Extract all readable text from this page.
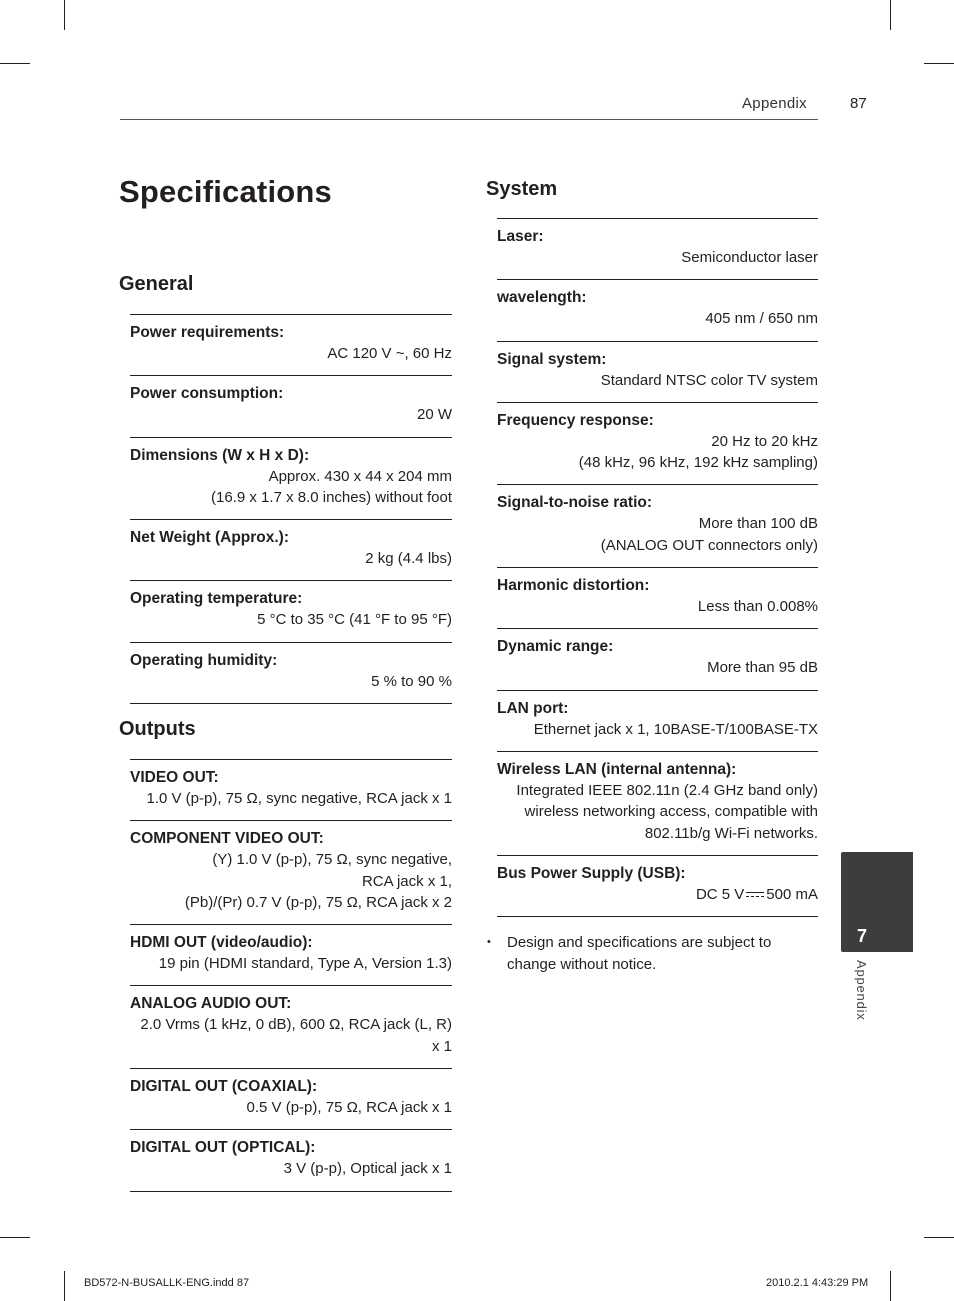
Appendix	87
Specifications
General
Power requirements:
AC 120 V ~, 60 Hz
Power consumption:
20 W
Dimensions (W x H x D):
Approx. 430 x 44 x 204 mm
(16.9 x 1.7 x 8.0 inches) without foot
Net Weight (Approx.):
2 kg (4.4 lbs)
Operating temperature:
5 °C to 35 °C (41 °F to 95 °F)
Operating humidity:
5 % to 90 %
Outputs
VIDEO OUT:
1.0 V (p-p), 75 Ω, sync negative, RCA jack x 1
COMPONENT VIDEO OUT:
(Y) 1.0 V (p-p), 75 Ω, sync negative,
RCA jack x 1,
(Pb)/(Pr) 0.7 V (p-p), 75 Ω, RCA jack x 2
HDMI OUT (video/audio):
19 pin (HDMI standard, Type A, Version 1.3)
ANALOG AUDIO OUT:
2.0 Vrms (1 kHz, 0 dB), 600 Ω, RCA jack (L, R)
x 1
DIGITAL OUT (COAXIAL):
0.5 V (p-p), 75 Ω, RCA jack x 1
DIGITAL OUT (OPTICAL):
3 V (p-p), Optical jack x 1
System
Laser:
Semiconductor laser
wavelength:
405 nm / 650 nm
Signal system:
Standard NTSC color TV system
Frequency response:
20 Hz to 20 kHz
(48 kHz, 96 kHz, 192 kHz sampling)
Signal-to-noise ratio:
More than 100 dB
(ANALOG OUT connectors only)
Harmonic distortion:
Less than 0.008%
Dynamic range:
More than 95 dB
LAN port:
Ethernet jack x 1, 10BASE-T/100BASE-TX
Wireless LAN (internal antenna):
Integrated IEEE 802.11n (2.4 GHz band only)
wireless networking access, compatible with
802.11b/g Wi-Fi networks.
Bus Power Supply (USB):
DC 5 V 500 mA
•	Design and specifications are subject to change without notice.
7
Appendix
BD572-N-BUSALLK-ENG.indd 87	2010.2.1 4:43:29 PM
